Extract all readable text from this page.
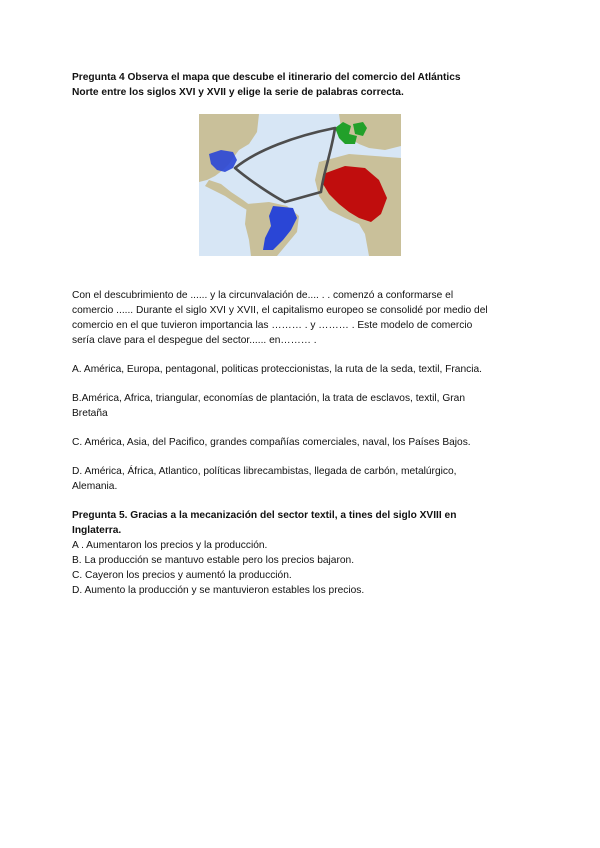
Pregunta 4 Observa el mapa que descube el itinerario del comercio del Atlántics
Norte entre los siglos XVI y XVII y elige la serie de palabras correcta.

Con el descubrimiento de ...... y la circunvalación de.... . . comenzó a conformarse el
comercio ...... Durante el siglo XVI y XVII, el capitalismo europeo se consolidé por medio del
comercio en el que tuvieron importancia las ……… . y ……… . Este modelo de comercio
sería clave para el despegue del sector...... en……… .

A. América, Europa, pentagonal, politicas proteccionistas, la ruta de la seda, textil, Francia.

B.América, Africa, triangular, economías de plantación, la trata de esclavos, textil, Gran
Bretaña

C. América, Asia, del Pacifico, grandes compañías comerciales, naval, los Países Bajos.

D. América, África, Atlantico, políticas librecambistas, llegada de carbón, metalúrgico,
Alemania.

Pregunta 5. Gracias a la mecanización del sector textil, a tines del siglo XVIII en
Inglaterra.

A . Aumentaron los precios y la producción.

B. La producción se mantuvo estable pero los precios bajaron.

C. Cayeron los precios y aumentó la producción.

D. Aumento la producción y se mantuvieron estables los precios.
